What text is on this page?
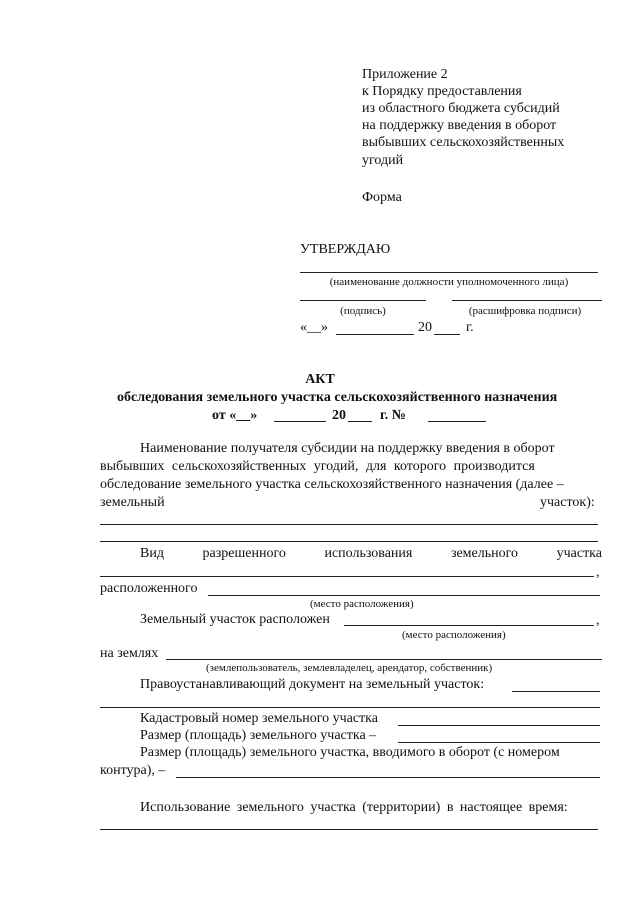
Приложение 2
к Порядку предоставления
из областного бюджета субсидий
на поддержку введения в оборот
выбывших сельскохозяйственных
угодий
Форма
УТВЕРЖДАЮ
(наименование должности уполномоченного лица)
(подпись)	(расшифровка подписи)
«__»	20 г.
АКТ
обследования земельного участка сельскохозяйственного назначения
от «__»	20 г. №
Наименование получателя субсидии на поддержку введения в оборот
выбывших сельскохозяйственных угодий, для которого производится
обследование земельного участка сельскохозяйственного назначения (далее –
земельный	участок):
Вид	разрешенного	использования	земельного	участка
,
расположенного
(место расположения)
Земельный участок расположен	,
(место расположения)
на землях
(землепользователь, землевладелец, арендатор, собственник)
Правоустанавливающий документ на земельный участок:
Кадастровый номер земельного участка
Размер (площадь) земельного участка –
Размер (площадь) земельного участка, вводимого в оборот (с номером
контура), –
Использование земельного участка (территории) в настоящее время:
